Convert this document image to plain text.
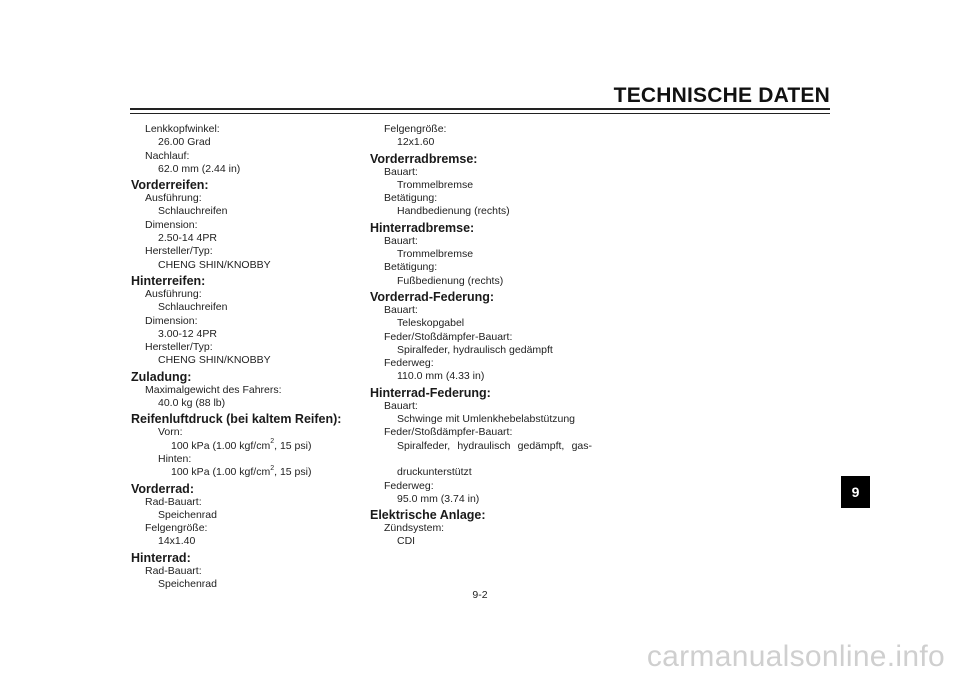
TECHNISCHE DATEN
Lenkkopfwinkel:
26.00 Grad
Nachlauf:
62.0 mm (2.44 in)
Vorderreifen:
Ausführung:
Schlauchreifen
Dimension:
2.50-14 4PR
Hersteller/Typ:
CHENG SHIN/KNOBBY
Hinterreifen:
Ausführung:
Schlauchreifen
Dimension:
3.00-12 4PR
Hersteller/Typ:
CHENG SHIN/KNOBBY
Zuladung:
Maximalgewicht des Fahrers:
40.0 kg (88 lb)
Reifenluftdruck (bei kaltem Reifen):
Vorn:
100 kPa (1.00 kgf/$cm^2$, 15 psi)
Hinten:
100 kPa (1.00 kgf/$cm^2$, 15 psi)
Vorderrad:
Rad-Bauart:
Speichenrad
Felgengröße:
14x1.40
Hinterrad:
Rad-Bauart:
Speichenrad
Felgengröße:
12x1.60
Vorderradbremse:
Bauart:
Trommelbremse
Betätigung:
Handbedienung (rechts)
Hinterradbremse:
Bauart:
Trommelbremse
Betätigung:
Fußbedienung (rechts)
Vorderrad-Federung:
Bauart:
Teleskopgabel
Feder/Stoßdämpfer-Bauart:
Spiralfeder, hydraulisch gedämpft
Federweg:
110.0 mm (4.33 in)
Hinterrad-Federung:
Bauart:
Schwinge mit Umlenkhebelabstützung
Feder/Stoßdämpfer-Bauart:
Spiralfeder, hydraulisch gedämpft, gas-
druckunterstützt
Federweg:
95.0 mm (3.74 in)
Elektrische Anlage:
Zündsystem:
CDI
9-2
9
carmanualsonline.info
